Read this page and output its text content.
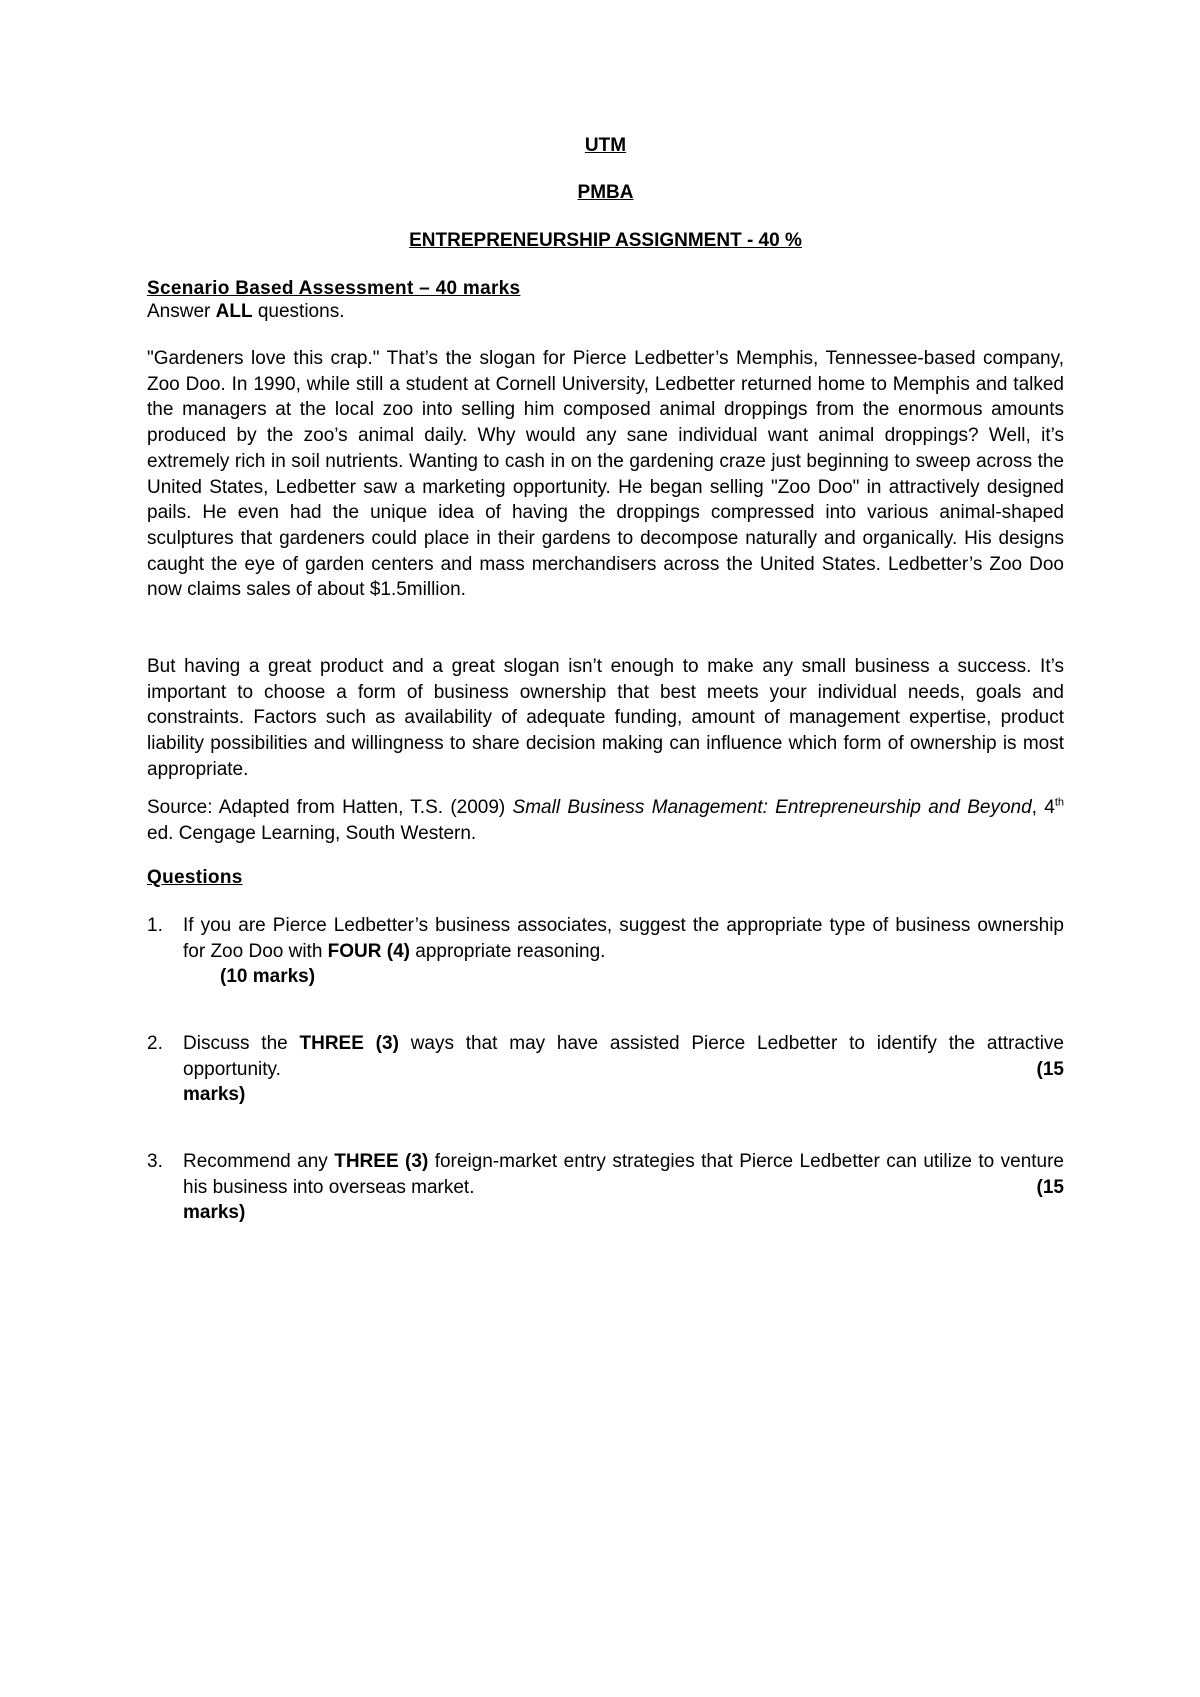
UTM
PMBA
ENTREPRENEURSHIP ASSIGNMENT - 40 %
Scenario Based Assessment – 40 marks
Answer ALL questions.
"Gardeners love this crap." That’s the slogan for Pierce Ledbetter’s Memphis, Tennessee-based company, Zoo Doo. In 1990, while still a student at Cornell University, Ledbetter returned home to Memphis and talked the managers at the local zoo into selling him composed animal droppings from the enormous amounts produced by the zoo’s animal daily. Why would any sane individual want animal droppings? Well, it’s extremely rich in soil nutrients. Wanting to cash in on the gardening craze just beginning to sweep across the United States, Ledbetter saw a marketing opportunity. He began selling "Zoo Doo" in attractively designed pails. He even had the unique idea of having the droppings compressed into various animal-shaped sculptures that gardeners could place in their gardens to decompose naturally and organically. His designs caught the eye of garden centers and mass merchandisers across the United States. Ledbetter’s Zoo Doo now claims sales of about $1.5million.
But having a great product and a great slogan isn’t enough to make any small business a success. It’s important to choose a form of business ownership that best meets your individual needs, goals and constraints. Factors such as availability of adequate funding, amount of management expertise, product liability possibilities and willingness to share decision making can influence which form of ownership is most appropriate.
Source: Adapted from Hatten, T.S. (2009) Small Business Management: Entrepreneurship and Beyond, 4th ed. Cengage Learning, South Western.
Questions
1.	If you are Pierce Ledbetter’s business associates, suggest the appropriate type of business ownership for Zoo Doo with FOUR (4) appropriate reasoning.
(10 marks)
2.	Discuss the THREE (3) ways that may have assisted Pierce Ledbetter to identify the attractive opportunity.	(15

marks)
3.	Recommend any THREE (3) foreign-market entry strategies that Pierce Ledbetter can utilize to venture his business into overseas market.	(15

marks)
